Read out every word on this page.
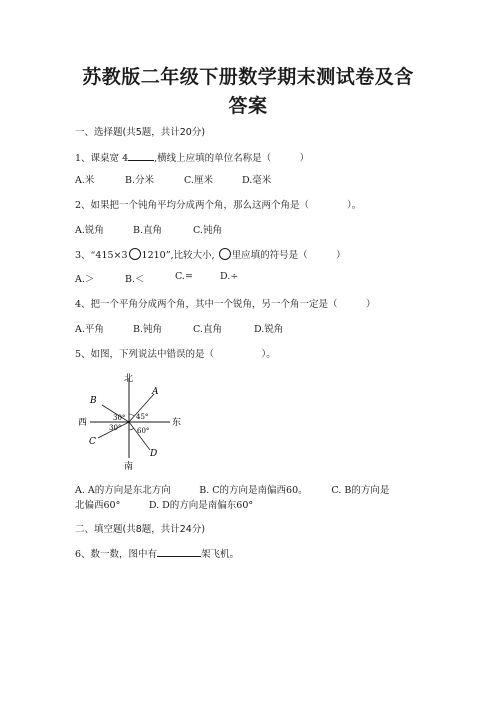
苏教版二年级下册数学期末测试卷及含
答案
一、选择题(共5题，共计20分)
1、课桌宽 4	,横线上应填的单位名称是（　　　）
A.米	B.分米	C.厘米	D.毫米
2、如果把一个钝角平均分成两个角，那么这两个角是（　　　　）。
A.锐角	B.直角	C.钝角
3、“415×3 1210”,比较大小, 里应填的符号是（　　　）
A.＞	B.＜	C.=	D.÷
4、把一个平角分成两个角，其中一个锐角，另一个角一定是（　　　）
A.平角	B.钝角	C.直角	D.锐角
5、如图，下列说法中错误的是（　　　　　）。
北
南
西	东
A
B
C
D
45°
60°
30°
30°
A. A的方向是东北方向　　　B. C的方向是南偏西60。　　　C. B的方向是
北偏西60°　　　D. D的方向是南偏东60°
二、填空题(共8题，共计24分)
6、数一数，图中有	架飞机。
